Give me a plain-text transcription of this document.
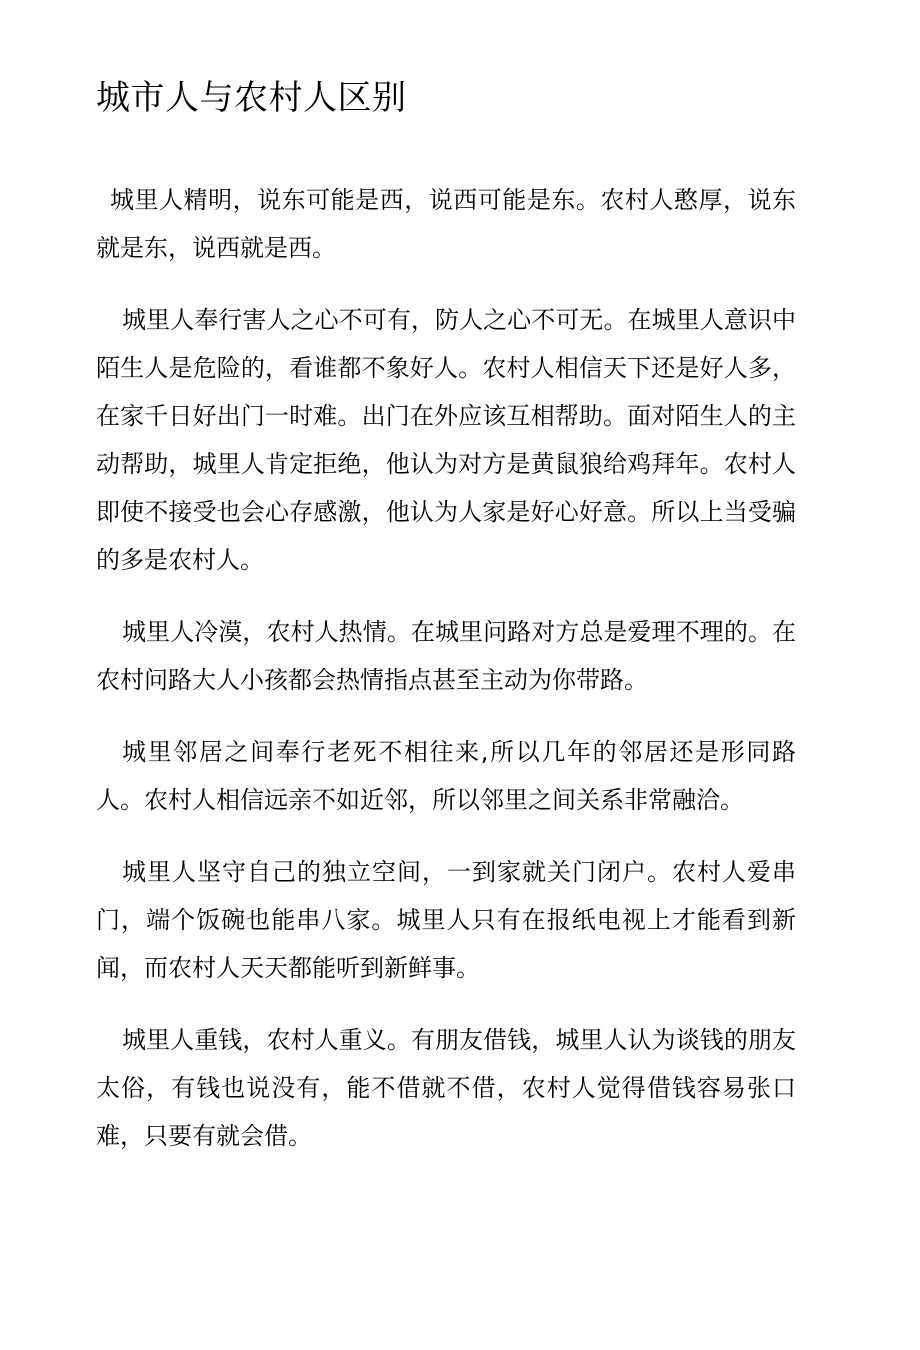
城市人与农村人区别

城里人精明，说东可能是西，说西可能是东。农村人憨厚，说东就是东，说西就是西。

城里人奉行害人之心不可有，防人之心不可无。在城里人意识中陌生人是危险的，看谁都不象好人。农村人相信天下还是好人多，在家千日好出门一时难。出门在外应该互相帮助。面对陌生人的主动帮助，城里人肯定拒绝，他认为对方是黄鼠狼给鸡拜年。农村人即使不接受也会心存感激，他认为人家是好心好意。所以上当受骗的多是农村人。

城里人冷漠，农村人热情。在城里问路对方总是爱理不理的。在农村问路大人小孩都会热情指点甚至主动为你带路。

城里邻居之间奉行老死不相往来,所以几年的邻居还是形同路人。农村人相信远亲不如近邻，所以邻里之间关系非常融洽。

城里人坚守自己的独立空间，一到家就关门闭户。农村人爱串门，端个饭碗也能串八家。城里人只有在报纸电视上才能看到新闻，而农村人天天都能听到新鲜事。

城里人重钱，农村人重义。有朋友借钱，城里人认为谈钱的朋友太俗，有钱也说没有，能不借就不借，农村人觉得借钱容易张口难，只要有就会借。
